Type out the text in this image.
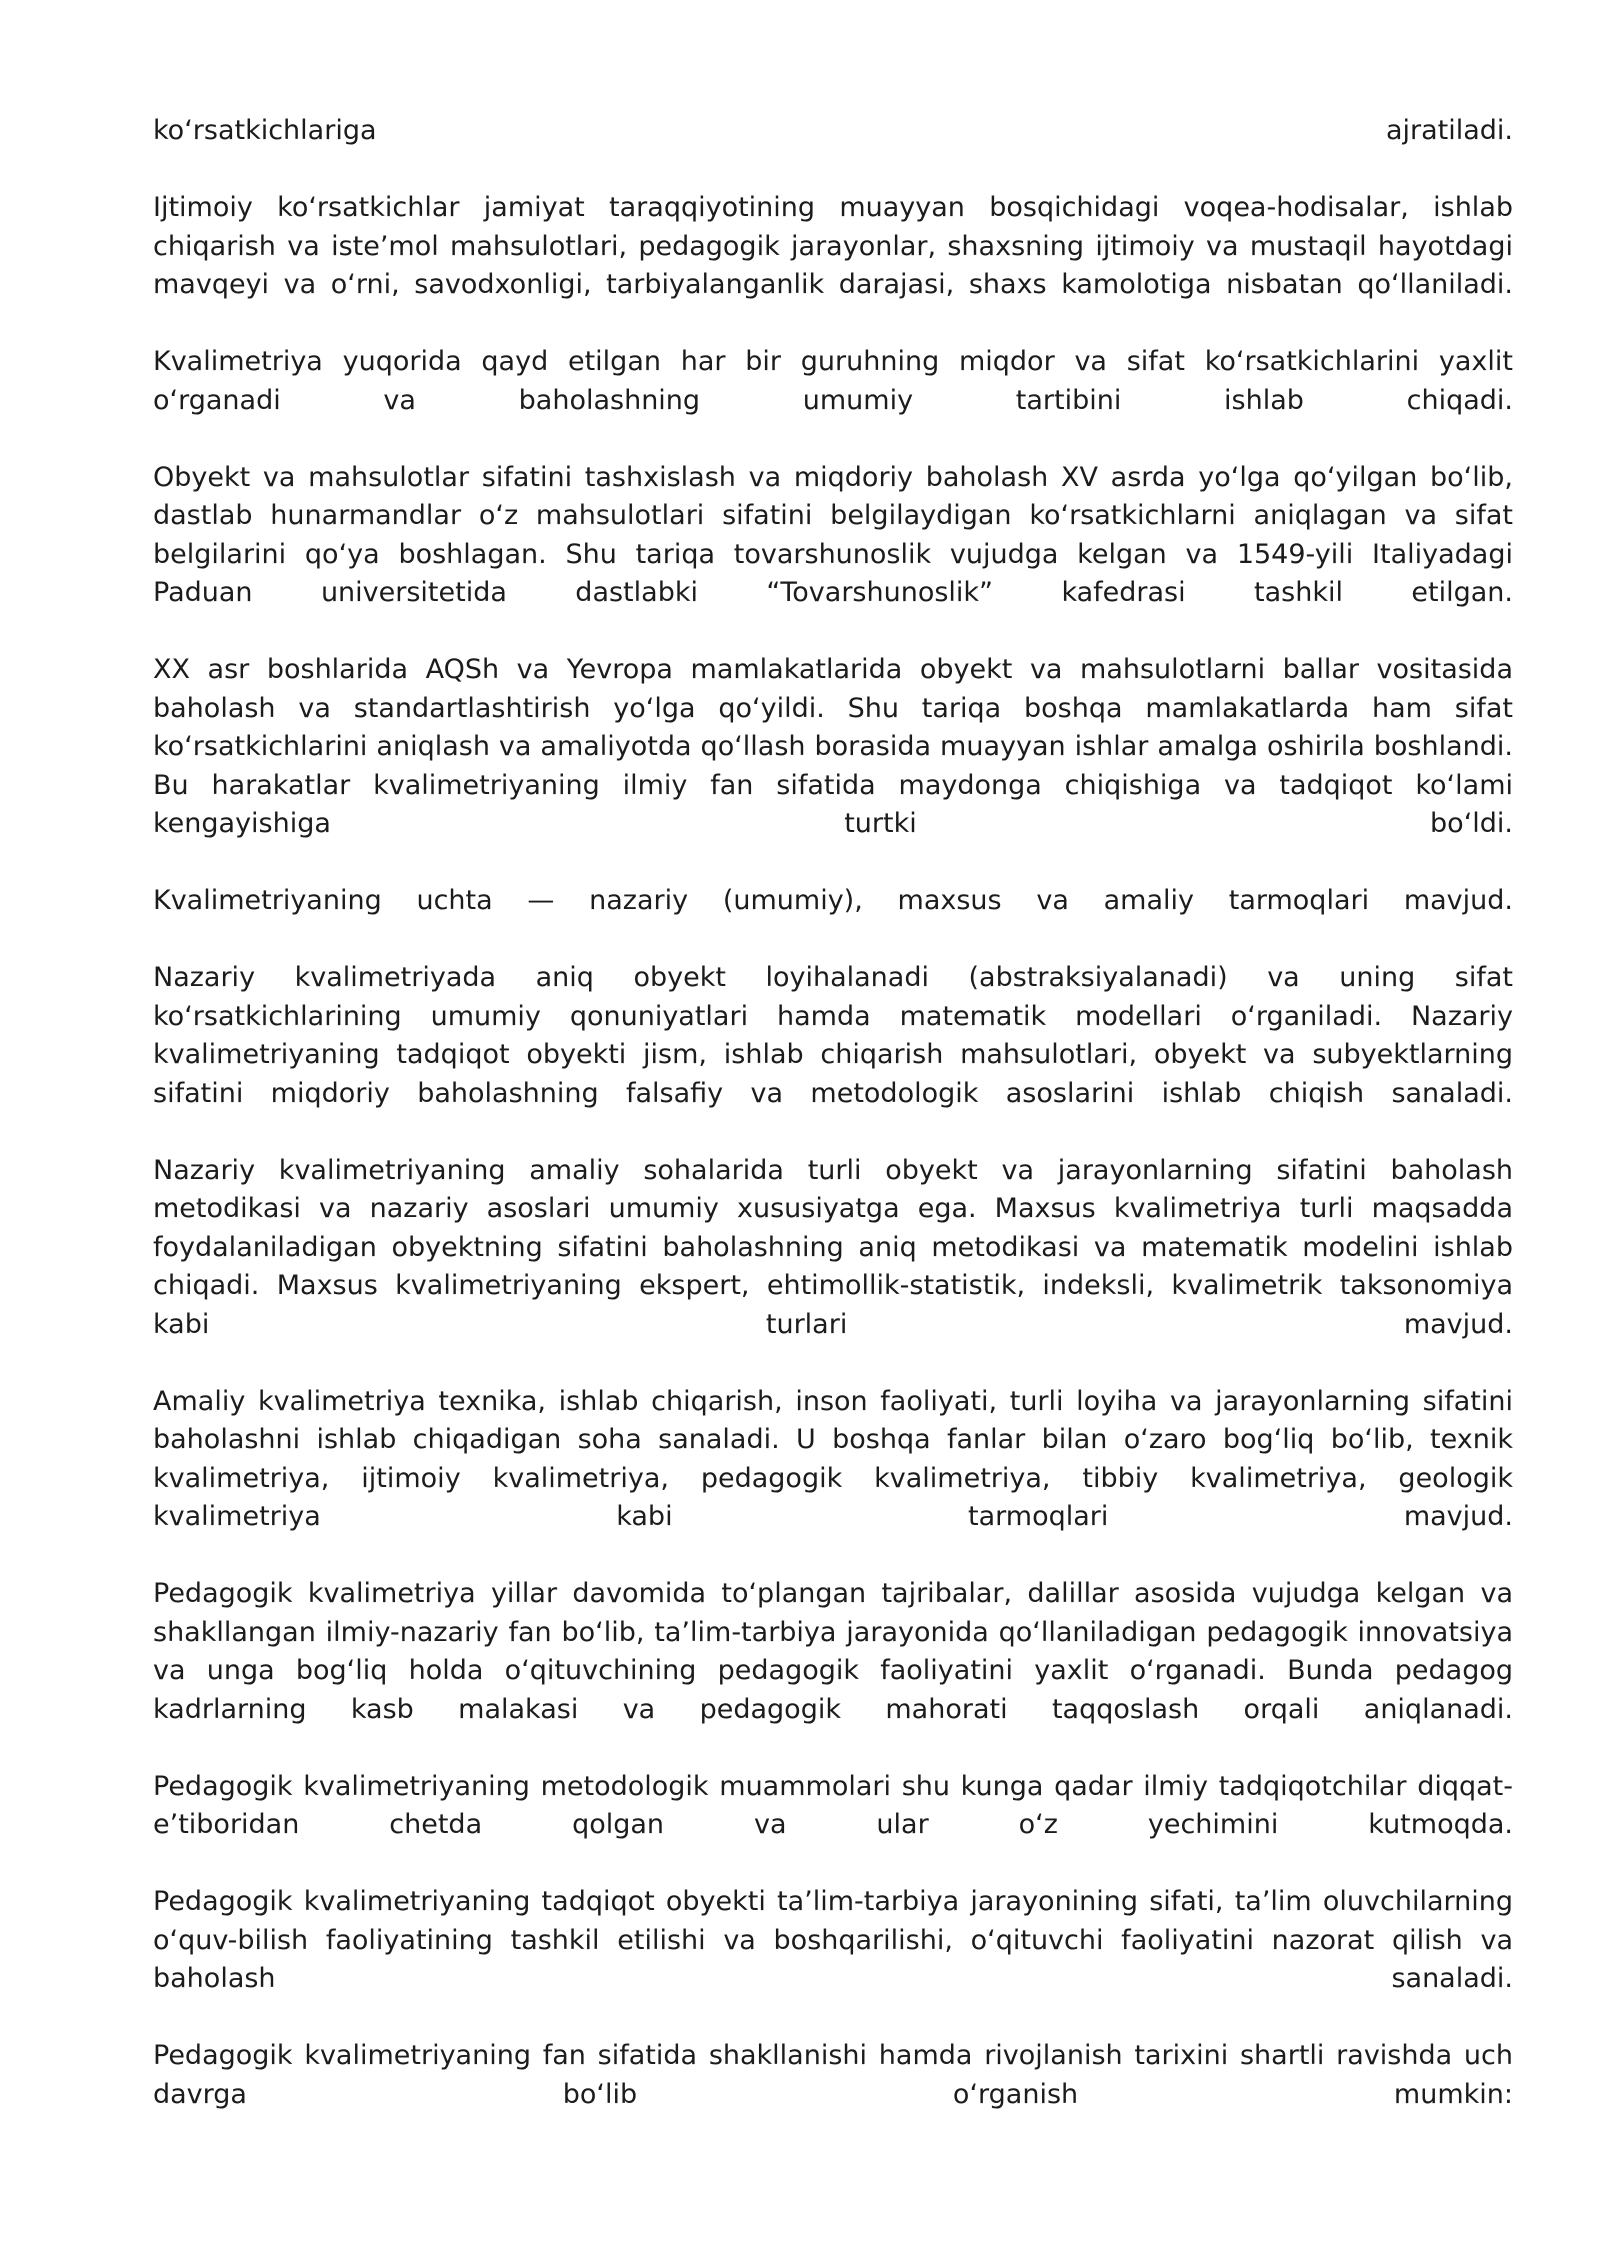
ko‘rsatkichlariga ajratiladi.

Ijtimoiy ko‘rsatkichlar jamiyat taraqqiyotining muayyan bosqichidagi voqea-hodisalar, ishlab chiqarish va iste’mol mahsulotlari, pedagogik jarayonlar, shaxsning ijtimoiy va mustaqil hayotdagi mavqeyi va o‘rni, savodxonligi, tarbiyalanganlik darajasi, shaxs kamolotiga nisbatan qo‘llaniladi.

Kvalimetriya yuqorida qayd etilgan har bir guruhning miqdor va sifat ko‘rsatkichlarini yaxlit o‘rganadi va baholashning umumiy tartibini ishlab chiqadi.

Obyekt va mahsulotlar sifatini tashxislash va miqdoriy baholash XV asrda yo‘lga qo‘yilgan bo‘lib, dastlab hunarmandlar o‘z mahsulotlari sifatini belgilaydigan ko‘rsatkichlarni aniqlagan va sifat belgilarini qo‘ya boshlagan. Shu tariqa tovarshunoslik vujudga kelgan va 1549-yili Italiyadagi Paduan universitetida dastlabki “Tovarshunoslik” kafedrasi tashkil etilgan.

XX asr boshlarida AQSh va Yevropa mamlakatlarida obyekt va mahsulotlarni ballar vositasida baholash va standartlashtirish yo‘lga qo‘yildi. Shu tariqa boshqa mamlakatlarda ham sifat ko‘rsatkichlarini aniqlash va amaliyotda qo‘llash borasida muayyan ishlar amalga oshirila boshlandi. Bu harakatlar kvalimetriyaning ilmiy fan sifatida maydonga chiqishiga va tadqiqot ko‘lami kengayishiga turtki bo‘ldi.

Kvalimetriyaning uchta — nazariy (umumiy), maxsus va amaliy tarmoqlari mavjud.

Nazariy kvalimetriyada aniq obyekt loyihalanadi (abstraksiyalanadi) va uning sifat ko‘rsatkichlarining umumiy qonuniyatlari hamda matematik modellari o‘rganiladi. Nazariy kvalimetriyaning tadqiqot obyekti jism, ishlab chiqarish mahsulotlari, obyekt va subyektlarning sifatini miqdoriy baholashning falsafiy va metodologik asoslarini ishlab chiqish sanaladi.

Nazariy kvalimetriyaning amaliy sohalarida turli obyekt va jarayonlarning sifatini baholash metodikasi va nazariy asoslari umumiy xususiyatga ega. Maxsus kvalimetriya turli maqsadda foydalaniladigan obyektning sifatini baholashning aniq metodikasi va matematik modelini ishlab chiqadi. Maxsus kvalimetriyaning ekspert, ehtimollik-statistik, indeksli, kvalimetrik taksonomiya kabi turlari mavjud.

Amaliy kvalimetriya texnika, ishlab chiqarish, inson faoliyati, turli loyiha va jarayonlarning sifatini baholashni ishlab chiqadigan soha sanaladi. U boshqa fanlar bilan o‘zaro bog‘liq bo‘lib, texnik kvalimetriya, ijtimoiy kvalimetriya, pedagogik kvalimetriya, tibbiy kvalimetriya, geologik kvalimetriya kabi tarmoqlari mavjud.

Pedagogik kvalimetriya yillar davomida to‘plangan tajribalar, dalillar asosida vujudga kelgan va shakllangan ilmiy-nazariy fan bo‘lib, ta’lim-tarbiya jarayonida qo‘llaniladigan pedagogik innovatsiya va unga bog‘liq holda o‘qituvchining pedagogik faoliyatini yaxlit o‘rganadi. Bunda pedagog kadrlarning kasb malakasi va pedagogik mahorati taqqoslash orqali aniqlanadi.

Pedagogik kvalimetriyaning metodologik muammolari shu kunga qadar ilmiy tadqiqotchilar diqqat-e’tiboridan chetda qolgan va ular o‘z yechimini kutmoqda.

Pedagogik kvalimetriyaning tadqiqot obyekti ta’lim-tarbiya jarayonining sifati, ta’lim oluvchilarning o‘quv-bilish faoliyatining tashkil etilishi va boshqarilishi, o‘qituvchi faoliyatini nazorat qilish va baholash sanaladi.

Pedagogik kvalimetriyaning fan sifatida shakllanishi hamda rivojlanish tarixini shartli ravishda uch davrga bo‘lib o‘rganish mumkin:
